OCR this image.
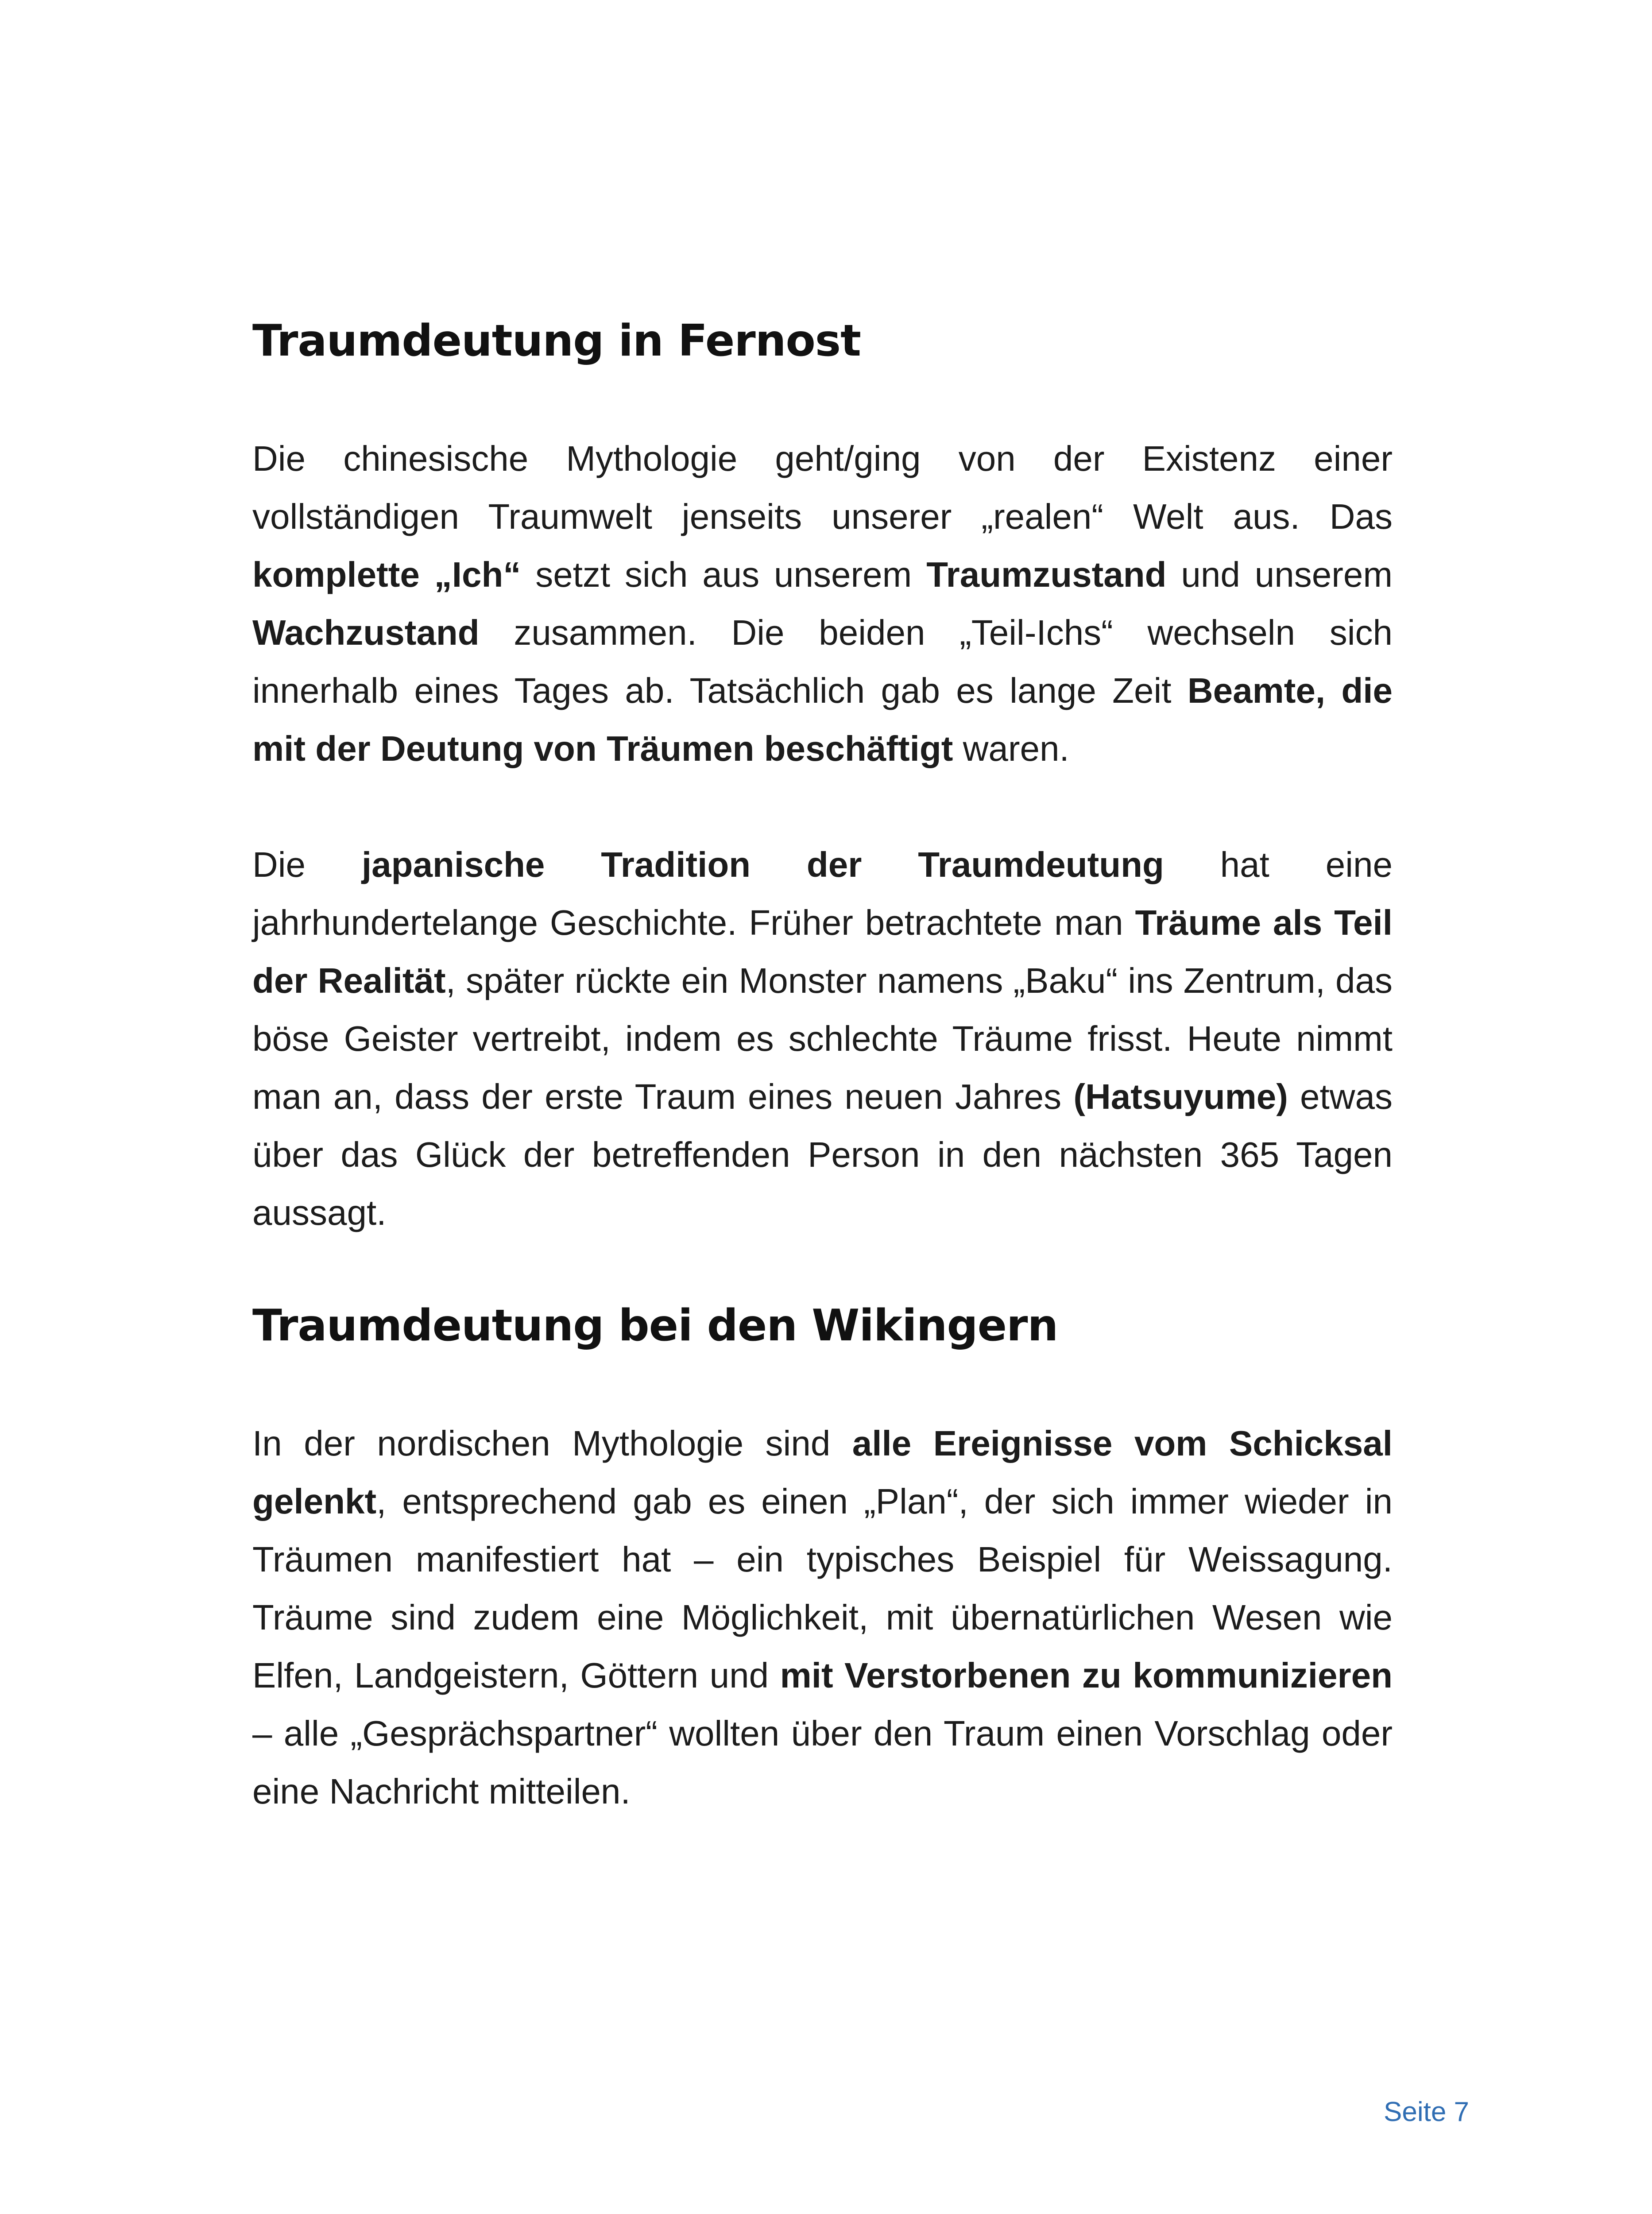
Traumdeutung in Fernost

Die chinesische Mythologie geht/ging von der Existenz einer vollständigen Traumwelt jenseits unserer „realen“ Welt aus. Das komplette „Ich“ setzt sich aus unserem Traumzustand und unserem Wachzustand zusammen. Die beiden „Teil-Ichs“ wechseln sich innerhalb eines Tages ab. Tatsächlich gab es lange Zeit Beamte, die mit der Deutung von Träumen beschäftigt waren.

Die japanische Tradition der Traumdeutung hat eine jahrhundertelange Geschichte. Früher betrachtete man Träume als Teil der Realität, später rückte ein Monster namens „Baku“ ins Zentrum, das böse Geister vertreibt, indem es schlechte Träume frisst. Heute nimmt man an, dass der erste Traum eines neuen Jahres (Hatsuyume) etwas über das Glück der betreffenden Person in den nächsten 365 Tagen aussagt.

Traumdeutung bei den Wikingern

In der nordischen Mythologie sind alle Ereignisse vom Schicksal gelenkt, entsprechend gab es einen „Plan“, der sich immer wieder in Träumen manifestiert hat – ein typisches Beispiel für Weissagung. Träume sind zudem eine Möglichkeit, mit übernatürlichen Wesen wie Elfen, Landgeistern, Göttern und mit Verstorbenen zu kommunizieren – alle „Gesprächspartner“ wollten über den Traum einen Vorschlag oder eine Nachricht mitteilen.

Seite 7
